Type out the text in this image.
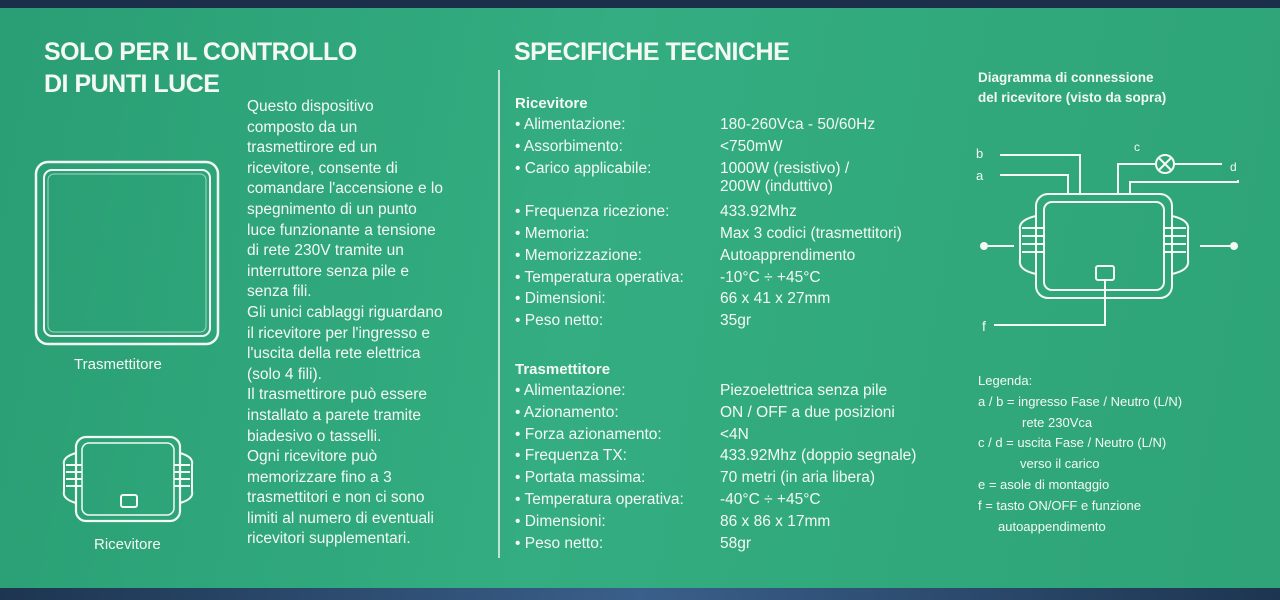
SOLO PER IL CONTROLLO
DI PUNTI LUCE
Trasmettitore
Ricevitore

Questo dispositivo

composto da un

trasmettirore ed un

ricevitore, consente di

comandare l'accensione e lo

spegnimento di un punto

luce funzionante a tensione

di rete 230V tramite un

interruttore senza pile e

senza fili.

Gli unici cablaggi riguardano

il ricevitore per l'ingresso e

l'uscita della rete elettrica

(solo 4 fili).

Il trasmettirore può essere

installato a parete tramite

biadesivo o tasselli.

Ogni ricevitore può

memorizzare fino a 3

trasmettitori e non ci sono

limiti al numero di eventuali

ricevitori supplementari.

SPECIFICHE TECNICHE
Ricevitore
• Alimentazione:	180-260Vca - 50/60Hz
• Assorbimento:	<750mW
• Carico applicabile:	1000W (resistivo) /
200W (induttivo)
• Frequenza ricezione:	433.92Mhz
• Memoria:	Max 3 codici (trasmettitori)
• Memorizzazione:	Autoapprendimento
• Temperatura operativa: -10°C ÷ +45°C
• Dimensioni:	66 x 41 x 27mm
• Peso netto:	35gr
Trasmettitore
• Alimentazione:	Piezoelettrica senza pile
• Azionamento:	ON / OFF a due posizioni
• Forza azionamento:	<4N
• Frequenza TX:	433.92Mhz (doppio segnale)
• Portata massima:	70 metri (in aria libera)
• Temperatura operativa: -40°C ÷ +45°C
• Dimensioni:	86 x 86 x 17mm
• Peso netto:	58gr
Diagramma di connessione
del ricevitore (visto da sopra)
b
a
c
d
f
Legenda:
a / b = ingresso Fase / Neutro (L/N)
rete 230Vca
c / d = uscita Fase / Neutro (L/N)
verso il carico
e = asole di montaggio
f = tasto ON/OFF e funzione
autoappendimento
